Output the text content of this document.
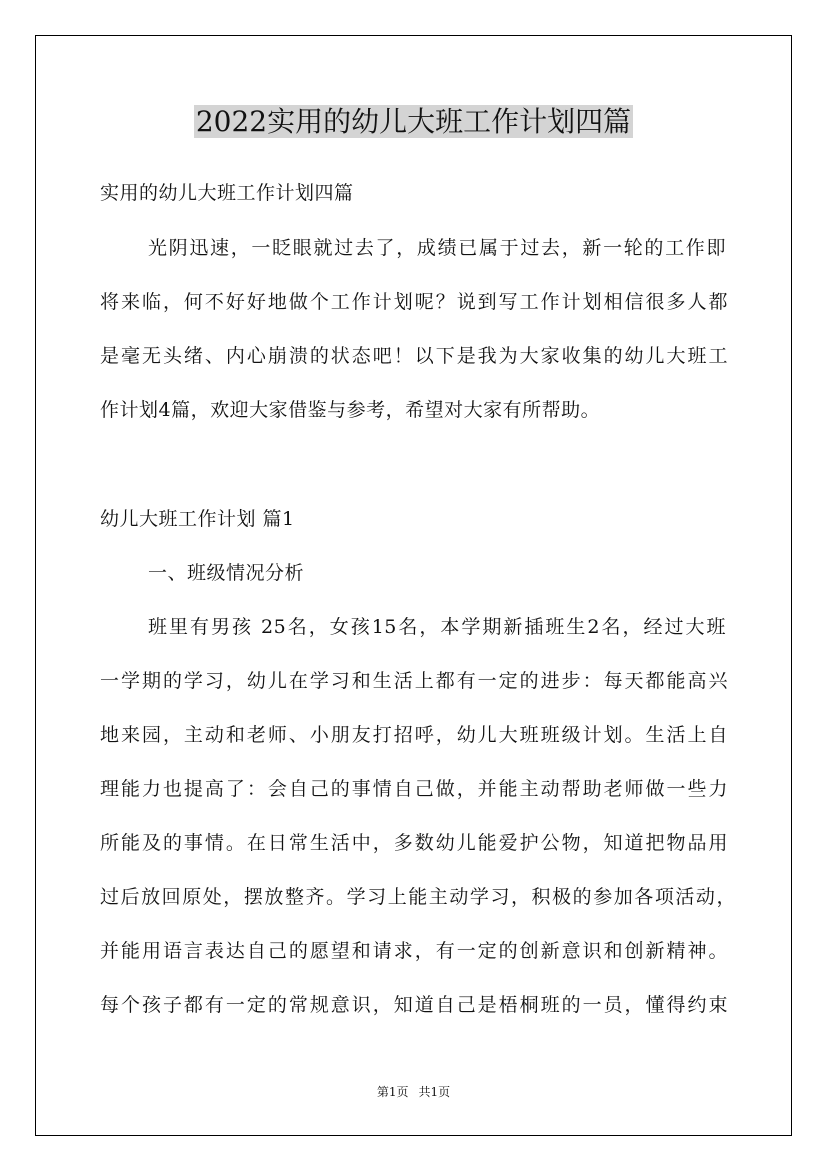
2022实用的幼儿大班工作计划四篇

实用的幼儿大班工作计划四篇

光阴迅速，一眨眼就过去了，成绩已属于过去，新一轮的工作即

将来临，何不好好地做个工作计划呢？说到写工作计划相信很多人都

是毫无头绪、内心崩溃的状态吧！以下是我为大家收集的幼儿大班工

作计划4篇，欢迎大家借鉴与参考，希望对大家有所帮助。

幼儿大班工作计划 篇1

一、班级情况分析

班里有男孩 25名，女孩15名，本学期新插班生2名，经过大班

一学期的学习，幼儿在学习和生活上都有一定的进步：每天都能高兴

地来园，主动和老师、小朋友打招呼，幼儿大班班级计划。生活上自

理能力也提高了：会自己的事情自己做，并能主动帮助老师做一些力

所能及的事情。在日常生活中，多数幼儿能爱护公物，知道把物品用

过后放回原处，摆放整齐。学习上能主动学习，积极的参加各项活动，

并能用语言表达自己的愿望和请求，有一定的创新意识和创新精神。

每个孩子都有一定的常规意识，知道自己是梧桐班的一员，懂得约束

第1页 共1页
